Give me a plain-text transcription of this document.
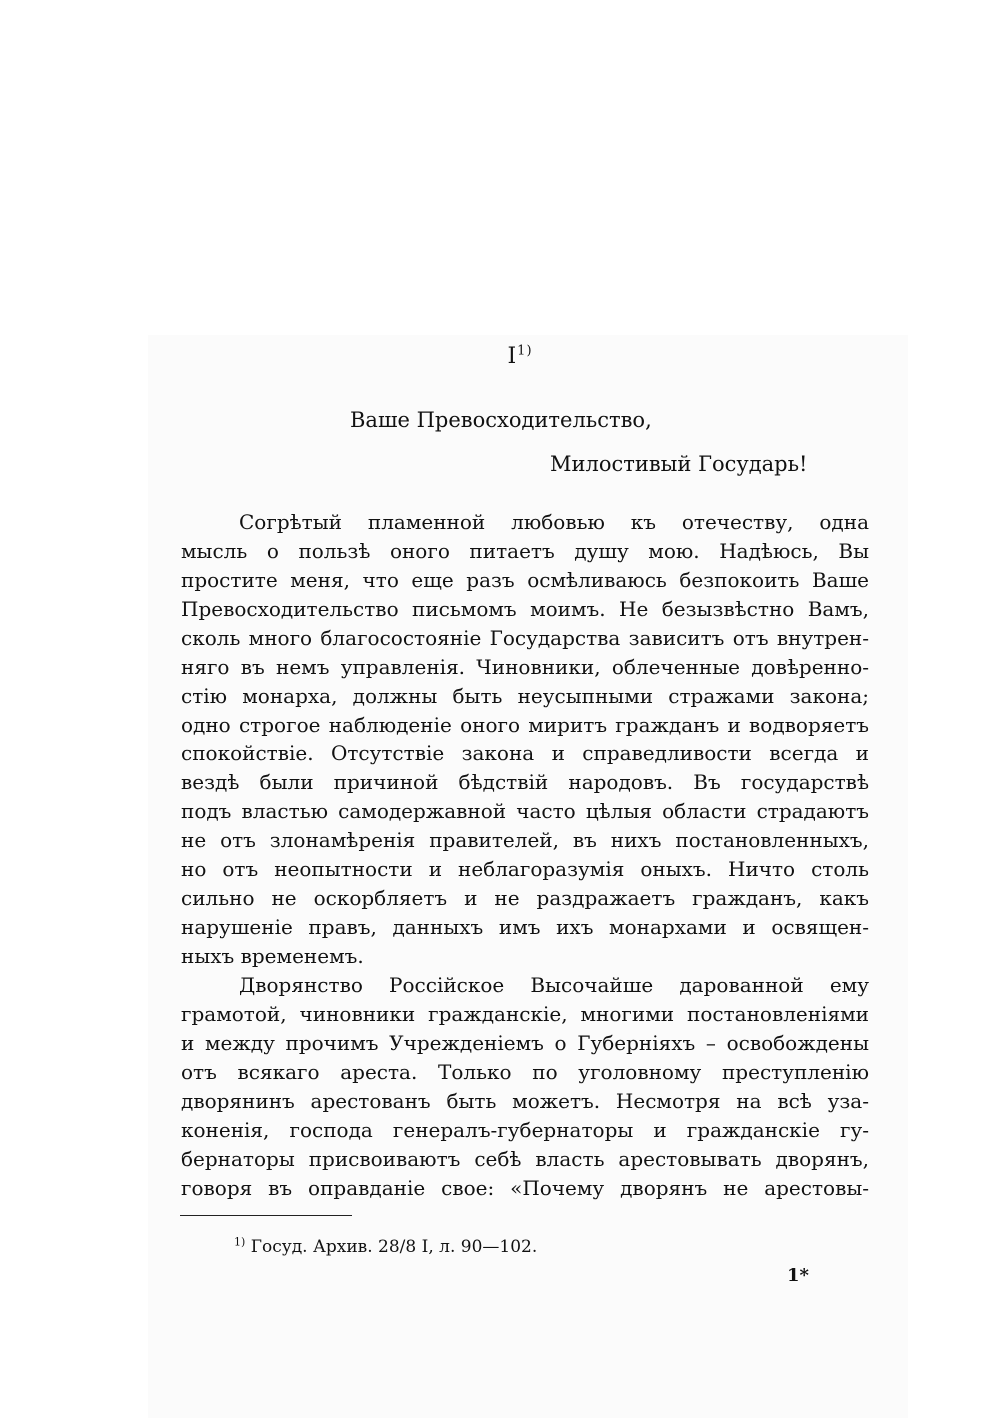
$I^{1)}$
Ваше Превосходительство,
Милостивый Государь!
Согрѣтый пламенной любовью къ отечеству, одна
мысль о пользѣ оного питаетъ душу мою. Надѣюсь, Вы
простите меня, что еще разъ осмѣливаюсь безпокоить Ваше
Превосходительство письмомъ моимъ. Не безызвѣстно Вамъ,
сколь много благосостояніе Государства зависитъ отъ внутрен-
няго въ немъ управленія. Чиновники, облеченные довѣренно-
стію монарха, должны быть неусыпными стражами закона;
одно строгое наблюденіе оного миритъ гражданъ и водворяетъ
спокойствіе. Отсутствіе закона и справедливости всегда и
вездѣ были причиной бѣдствій народовъ. Въ государствѣ
подъ властью самодержавной часто цѣлыя области страдаютъ
не отъ злонамѣренія правителей, въ нихъ постановленныхъ,
но отъ неопытности и неблагоразумія оныхъ. Ничто столь
сильно не оскорбляетъ и не раздражаетъ гражданъ, какъ
нарушеніе правъ, данныхъ имъ ихъ монархами и освящен-
ныхъ временемъ.
Дворянство Россійское Высочайше дарованной ему
грамотой, чиновники гражданскіе, многими постановленіями
и между прочимъ Учрежденіемъ о Губерніяхъ – освобождены
отъ всякаго ареста. Только по уголовному преступленію
дворянинъ арестованъ быть можетъ. Несмотря на всѣ уза-
коненія, господа генералъ-губернаторы и гражданскіе гу-
бернаторы присвоиваютъ себѣ власть арестовывать дворянъ,
говоря въ оправданіе свое: «Почему дворянъ не арестовы-
$^{1)}$ Госуд. Архив. 28/8 I, л. 90—102.
1*
